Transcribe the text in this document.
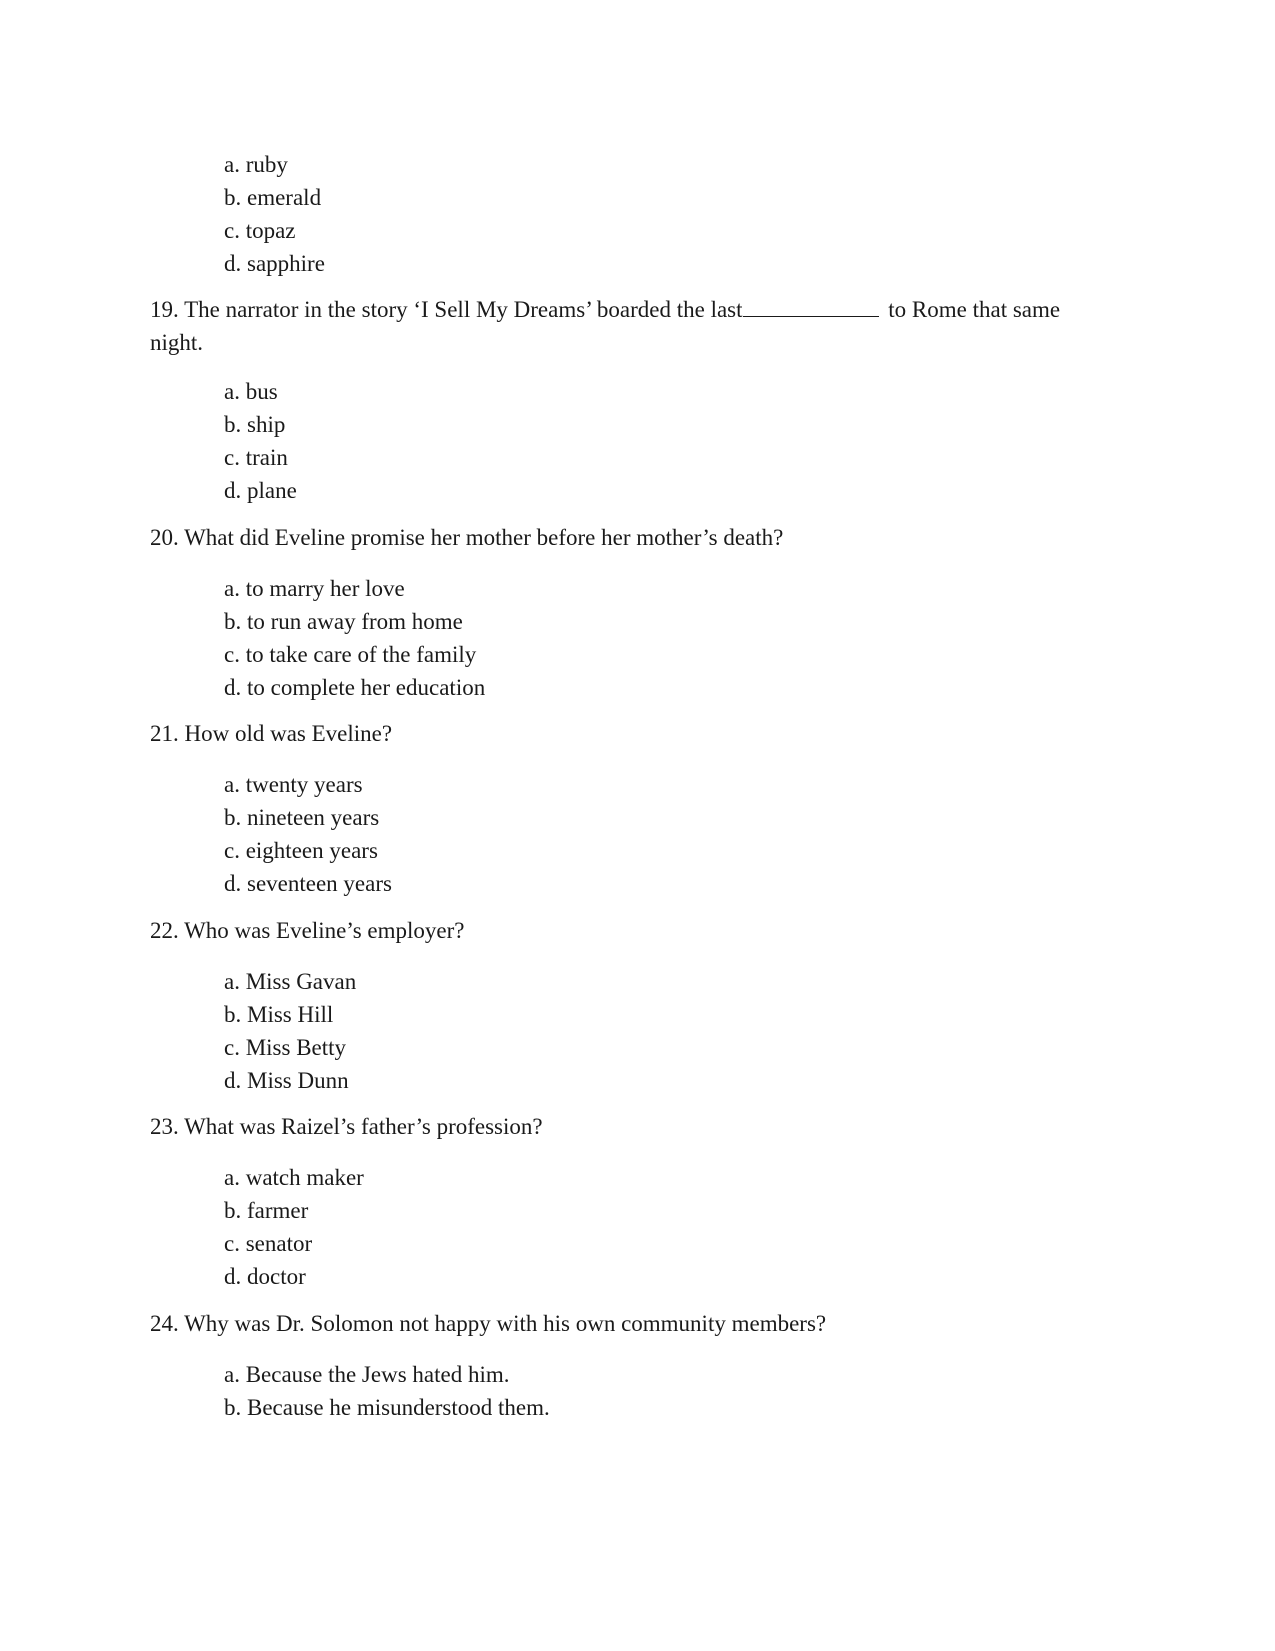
a. ruby
b. emerald
c. topaz
d. sapphire

19. The narrator in the story ‘I Sell My Dreams’ boarded the last	to Rome that same night.

a. bus
b. ship
c. train
d. plane

20. What did Eveline promise her mother before her mother’s death?

a. to marry her love
b. to run away from home
c. to take care of the family
d. to complete her education

21. How old was Eveline?

a. twenty years
b. nineteen years
c. eighteen years
d. seventeen years

22. Who was Eveline’s employer?

a. Miss Gavan
b. Miss Hill
c. Miss Betty
d. Miss Dunn

23. What was Raizel’s father’s profession?

a. watch maker
b. farmer
c. senator
d. doctor

24. Why was Dr. Solomon not happy with his own community members?

a. Because the Jews hated him.
b. Because he misunderstood them.
